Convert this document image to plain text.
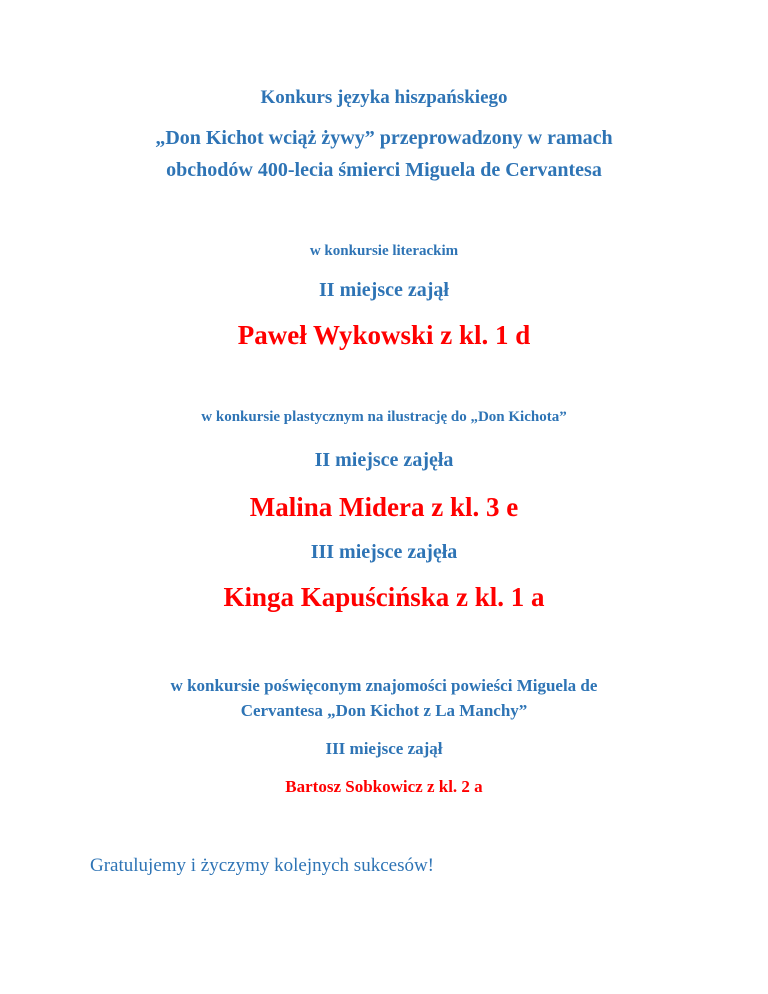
Konkurs języka hiszpańskiego
„Don Kichot wciąż żywy” przeprowadzony w ramach
obchodów 400-lecia śmierci Miguela de Cervantesa
w konkursie literackim
II miejsce zajął
Paweł Wykowski z kl. 1 d
w konkursie plastycznym na ilustrację do „Don Kichota”
II miejsce zajęła
Malina Midera z kl. 3 e
III miejsce zajęła
Kinga Kapuścińska z kl. 1 a
w konkursie poświęconym znajomości powieści Miguela de
Cervantesa „Don Kichot z La Manchy”
III miejsce zajął
Bartosz Sobkowicz z kl. 2 a
Gratulujemy i życzymy kolejnych sukcesów!
